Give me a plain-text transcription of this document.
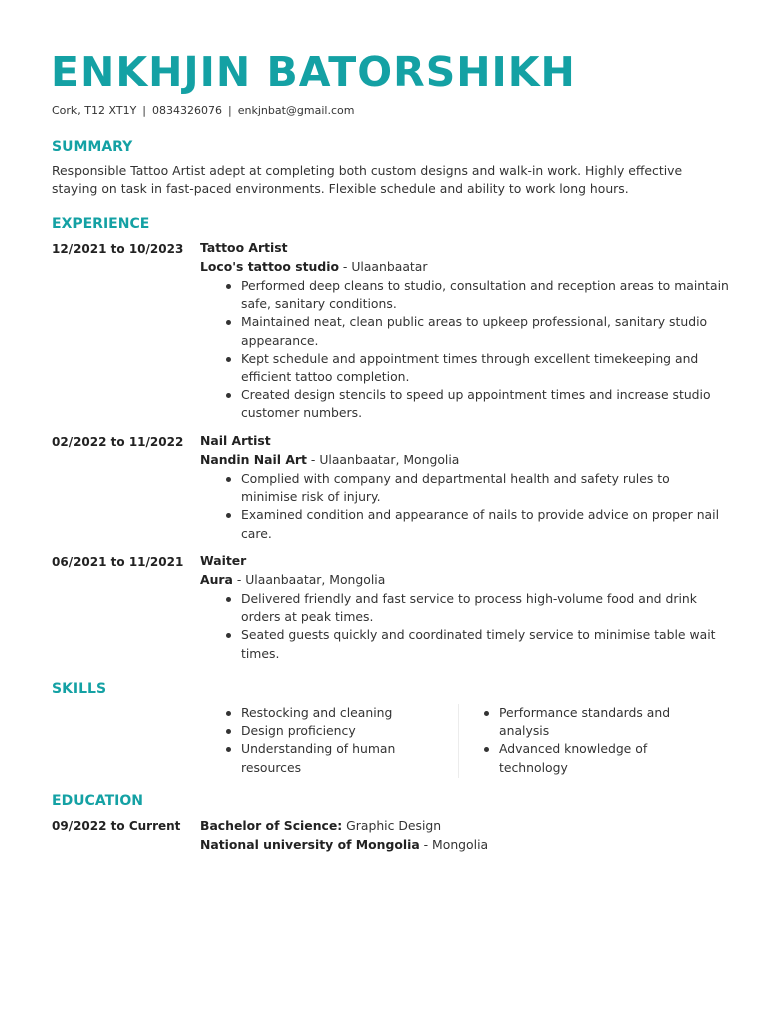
ENKHJIN BATORSHIKH
Cork, T12 XT1Y | 0834326076 | enkjnbat@gmail.com
SUMMARY

Responsible Tattoo Artist adept at completing both custom designs and walk-in work. Highly effective staying on task in fast-paced environments. Flexible schedule and ability to work long hours.

EXPERIENCE
12/2021 to 10/2023 Tattoo Artist
Loco's tattoo studio - Ulaanbaatar
Performed deep cleans to studio, consultation and reception areas to maintain safe, sanitary conditions.
Maintained neat, clean public areas to upkeep professional, sanitary studio appearance.
Kept schedule and appointment times through excellent timekeeping and efficient tattoo completion.
Created design stencils to speed up appointment times and increase studio customer numbers.
02/2022 to 11/2022 Nail Artist
Nandin Nail Art - Ulaanbaatar, Mongolia
Complied with company and departmental health and safety rules to minimise risk of injury.
Examined condition and appearance of nails to provide advice on proper nail care.
06/2021 to 11/2021 Waiter
Aura - Ulaanbaatar, Mongolia
Delivered friendly and fast service to process high-volume food and drink orders at peak times.
Seated guests quickly and coordinated timely service to minimise table wait times.
SKILLS
Restocking and cleaning
Design proficiency
Understanding of human resources
Performance standards and analysis
Advanced knowledge of technology
EDUCATION
09/2022 to Current Bachelor of Science: Graphic Design
National university of Mongolia - Mongolia
